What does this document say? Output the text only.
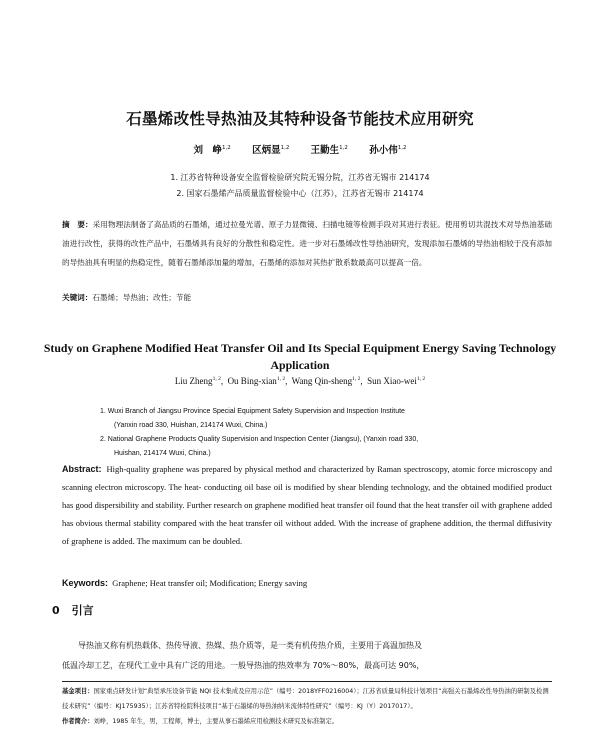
石墨烯改性导热油及其特种设备节能技术应用研究
刘　峥$^{1,2}$ 区炳显$^{1,2}$ 王勤生$^{1,2}$ 孙小伟$^{1,2}$
1. 江苏省特种设备安全监督检验研究院无锡分院，江苏省无锡市 214174
2. 国家石墨烯产品质量监督检验中心（江苏），江苏省无锡市 214174
摘　要：采用物理法制备了高品质的石墨烯，通过拉曼光谱、原子力显微镜、扫描电镜等检测手段对其进行表征。使用剪切共混技术对导热油基础油进行改性，获得的改性产品中，石墨烯具有良好的分散性和稳定性。进一步对石墨烯改性导热油研究，发现添加石墨烯的导热油相较于没有添加的导热油具有明显的热稳定性，随着石墨烯添加量的增加，石墨烯的添加对其热扩散系数最高可以提高一倍。
关键词：石墨烯；导热油；改性；节能
Study on Graphene Modified Heat Transfer Oil and Its Special Equipment Energy Saving Technology Application
Liu Zheng$^{1, 2}$,  Ou Bing-xian$^{1, 2}$,  Wang Qin-sheng$^{1, 2}$,  Sun Xiao-wei$^{1, 2}$
1. Wuxi Branch of Jiangsu Province Special Equipment Safety Supervision and Inspection Institute
(Yanxin road 330, Huishan, 214174 Wuxi, China.)
2. National Graphene Products Quality Supervision and Inspection Center (Jiangsu), (Yanxin road 330,
Huishan, 214174 Wuxi, China.)
Abstract: High-quality graphene was prepared by physical method and characterized by Raman spectroscopy, atomic force microscopy and scanning electron microscopy. The heat- conducting oil base oil is modified by shear blending technology, and the obtained modified product has good dispersibility and stability. Further research on graphene modified heat transfer oil found that the heat transfer oil with graphene added has obvious thermal stability compared with the heat transfer oil without added. With the increase of graphene addition, the thermal diffusivity of graphene is added. The maximum can be doubled.
Keywords: Graphene; Heat transfer oil; Modification; Energy saving
0 引言
导热油又称有机热载体、热传导液、热媒、热介质等，是一类有机传热介质，主要用于高温加热及
低温冷却工艺，在现代工业中具有广泛的用途。一般导热油的热效率为 70%～80%，最高可达 90%，
基金项目：国家重点研发计划“典型承压设备节能 NQI 技术集成及应用示范”（编号：2018YFF0216004）；江苏省质量局科技计划项目“高强关石墨烯改性导热油的研制及检测技术研究”（编号：KJ175935）；江苏省特检院科技项目“基于石墨烯的导热油纳米流体特性研究”（编号：KJ（Y）2017017）。
作者简介：刘峥，1985 年生，男，工程师，博士，主要从事石墨烯应用检测技术研究及标准制定。
